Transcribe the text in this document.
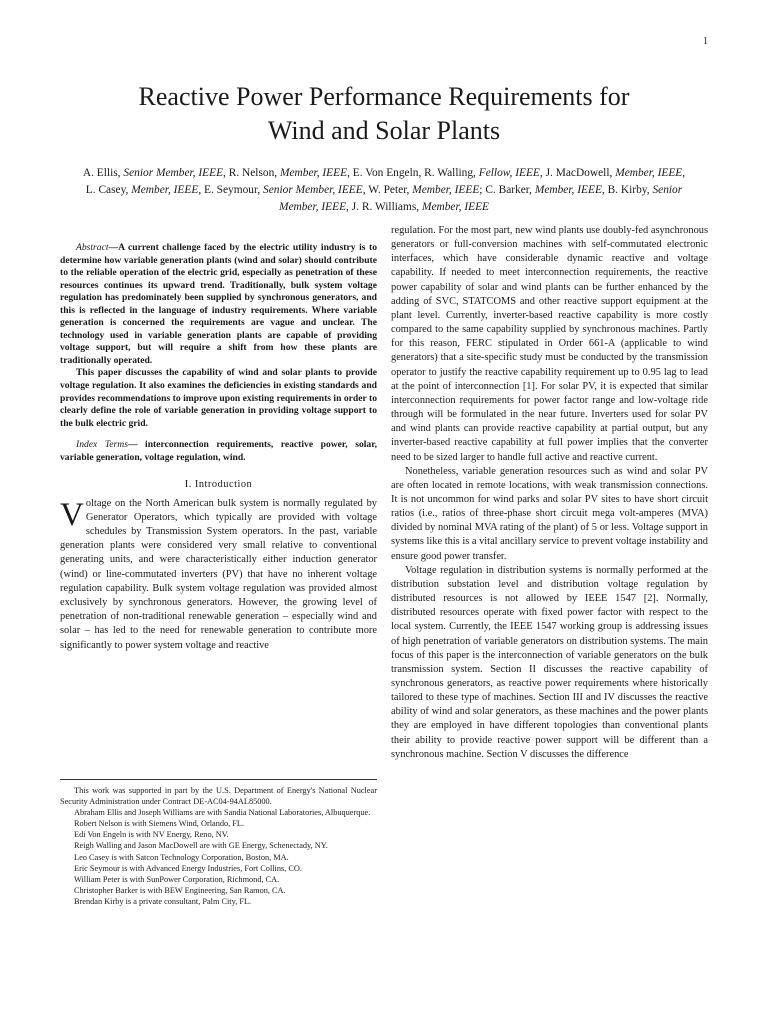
1
Reactive Power Performance Requirements for
Wind and Solar Plants
A. Ellis, Senior Member, IEEE, R. Nelson, Member, IEEE, E. Von Engeln, R. Walling, Fellow, IEEE, J. MacDowell, Member, IEEE, L. Casey, Member, IEEE, E. Seymour, Senior Member, IEEE, W. Peter, Member, IEEE; C. Barker, Member, IEEE, B. Kirby, Senior Member, IEEE, J. R. Williams, Member, IEEE

Abstract—A current challenge faced by the electric utility industry is to determine how variable generation plants (wind and solar) should contribute to the reliable operation of the electric grid, especially as penetration of these resources continues its upward trend. Traditionally, bulk system voltage regulation has predominately been supplied by synchronous generators, and this is reflected in the language of industry requirements. Where variable generation is concerned the requirements are vague and unclear. The technology used in variable generation plants are capable of providing voltage support, but will require a shift from how these plants are traditionally operated.

This paper discusses the capability of wind and solar plants to provide voltage regulation. It also examines the deficiencies in existing standards and provides recommendations to improve upon existing requirements in order to clearly define the role of variable generation in providing voltage support to the bulk electric grid.

Index Terms— interconnection requirements, reactive power, solar, variable generation, voltage regulation, wind.

I. Introduction

Voltage on the North American bulk system is normally regulated by Generator Operators, which typically are provided with voltage schedules by Transmission System operators. In the past, variable generation plants were considered very small relative to conventional generating units, and were characteristically either induction generator (wind) or line-commutated inverters (PV) that have no inherent voltage regulation capability. Bulk system voltage regulation was provided almost exclusively by synchronous generators. However, the growing level of penetration of non-traditional renewable generation – especially wind and solar – has led to the need for renewable generation to contribute more significantly to power system voltage and reactive

This work was supported in part by the U.S. Department of Energy's National Nuclear Security Administration under Contract DE-AC04-94AL85000.

Abraham Ellis and Joseph Williams are with Sandia National Laboratories, Albuquerque.

Robert Nelson is with Siemens Wind, Orlando, FL.

Edi Von Engeln is with NV Energy, Reno, NV.

Reigh Walling and Jason MacDowell are with GE Energy, Schenectady, NY.

Leo Casey is with Satcon Technology Corporation, Boston, MA.

Eric Seymour is with Advanced Energy Industries, Fort Collins, CO.

William Peter is with SunPower Corporation, Richmond, CA.

Christopher Barker is with BEW Engineering, San Ramon, CA.

Brendan Kirby is a private consultant, Palm City, FL.

regulation. For the most part, new wind plants use doubly-fed asynchronous generators or full-conversion machines with self-commutated electronic interfaces, which have considerable dynamic reactive and voltage capability. If needed to meet interconnection requirements, the reactive power capability of solar and wind plants can be further enhanced by the adding of SVC, STATCOMS and other reactive support equipment at the plant level. Currently, inverter-based reactive capability is more costly compared to the same capability supplied by synchronous machines. Partly for this reason, FERC stipulated in Order 661-A (applicable to wind generators) that a site-specific study must be conducted by the transmission operator to justify the reactive capability requirement up to 0.95 lag to lead at the point of interconnection [1]. For solar PV, it is expected that similar interconnection requirements for power factor range and low-voltage ride through will be formulated in the near future. Inverters used for solar PV and wind plants can provide reactive capability at partial output, but any inverter-based reactive capability at full power implies that the converter need to be sized larger to handle full active and reactive current.

Nonetheless, variable generation resources such as wind and solar PV are often located in remote locations, with weak transmission connections. It is not uncommon for wind parks and solar PV sites to have short circuit ratios (i.e., ratios of three-phase short circuit mega volt-amperes (MVA) divided by nominal MVA rating of the plant) of 5 or less. Voltage support in systems like this is a vital ancillary service to prevent voltage instability and ensure good power transfer.

Voltage regulation in distribution systems is normally performed at the distribution substation level and distribution voltage regulation by distributed resources is not allowed by IEEE 1547 [2]. Normally, distributed resources operate with fixed power factor with respect to the local system. Currently, the IEEE 1547 working group is addressing issues of high penetration of variable generators on distribution systems. The main focus of this paper is the interconnection of variable generators on the bulk transmission system. Section II discusses the reactive capability of synchronous generators, as reactive power requirements where historically tailored to these type of machines. Section III and IV discusses the reactive ability of wind and solar generators, as these machines and the power plants they are employed in have different topologies than conventional plants their ability to provide reactive power support will be different than a synchronous machine. Section V discusses the difference
